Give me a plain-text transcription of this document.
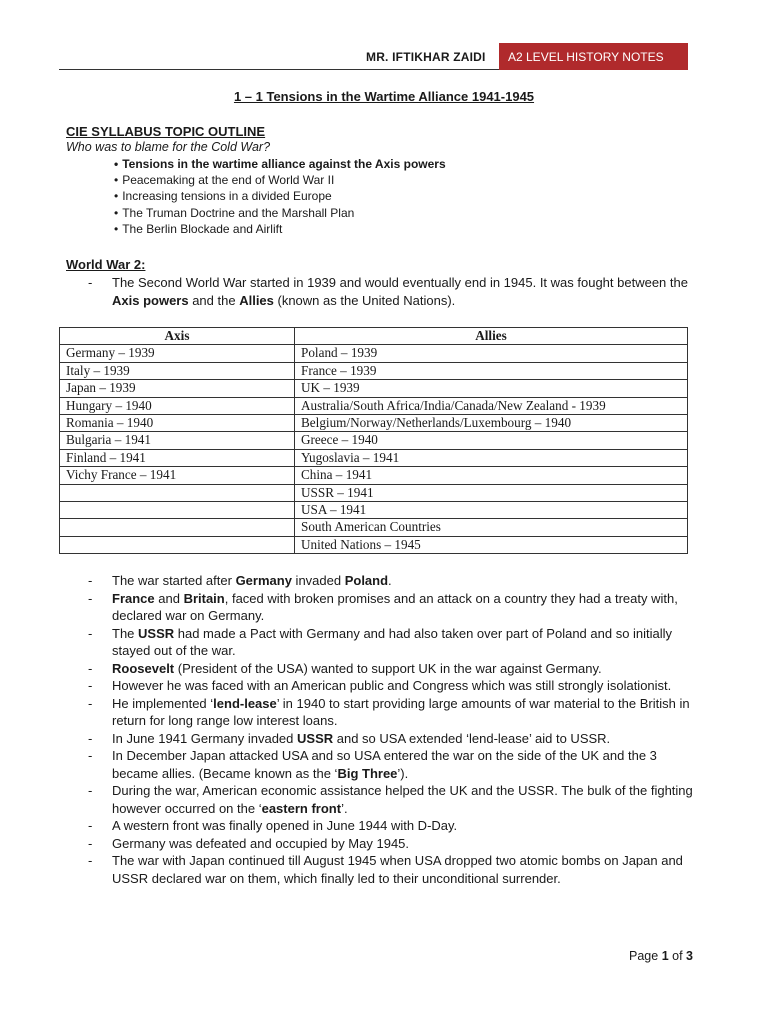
MR. IFTIKHAR ZAIDI A2 LEVEL HISTORY NOTES
1 – 1 Tensions in the Wartime Alliance 1941-1945
CIE SYLLABUS TOPIC OUTLINE
Who was to blame for the Cold War?
• Tensions in the wartime alliance against the Axis powers
• Peacemaking at the end of World War II
• Increasing tensions in a divided Europe
• The Truman Doctrine and the Marshall Plan
• The Berlin Blockade and Airlift
World War 2:
- The Second World War started in 1939 and would eventually end in 1945. It was fought between the Axis powers and the Allies (known as the United Nations).
Axis	Allies
Germany – 1939	Poland – 1939
Italy – 1939	France – 1939
Japan – 1939	UK – 1939
Hungary – 1940	Australia/South Africa/India/Canada/New Zealand - 1939
Romania – 1940	Belgium/Norway/Netherlands/Luxembourg – 1940
Bulgaria – 1941	Greece – 1940
Finland – 1941	Yugoslavia – 1941
Vichy France – 1941	China – 1941
	USSR – 1941
	USA – 1941
	South American Countries
	United Nations – 1945
- The war started after Germany invaded Poland.
- France and Britain, faced with broken promises and an attack on a country they had a treaty with, declared war on Germany.
- The USSR had made a Pact with Germany and had also taken over part of Poland and so initially stayed out of the war.
- Roosevelt (President of the USA) wanted to support UK in the war against Germany.
- However he was faced with an American public and Congress which was still strongly isolationist.
- He implemented ‘lend-lease’ in 1940 to start providing large amounts of war material to the British in return for long range low interest loans.
- In June 1941 Germany invaded USSR and so USA extended ‘lend-lease’ aid to USSR.
- In December Japan attacked USA and so USA entered the war on the side of the UK and the 3 became allies. (Became known as the ‘Big Three’).
- During the war, American economic assistance helped the UK and the USSR. The bulk of the fighting however occurred on the ‘eastern front’.
- A western front was finally opened in June 1944 with D-Day.
- Germany was defeated and occupied by May 1945.
- The war with Japan continued till August 1945 when USA dropped two atomic bombs on Japan and USSR declared war on them, which finally led to their unconditional surrender.
Page 1 of 3
